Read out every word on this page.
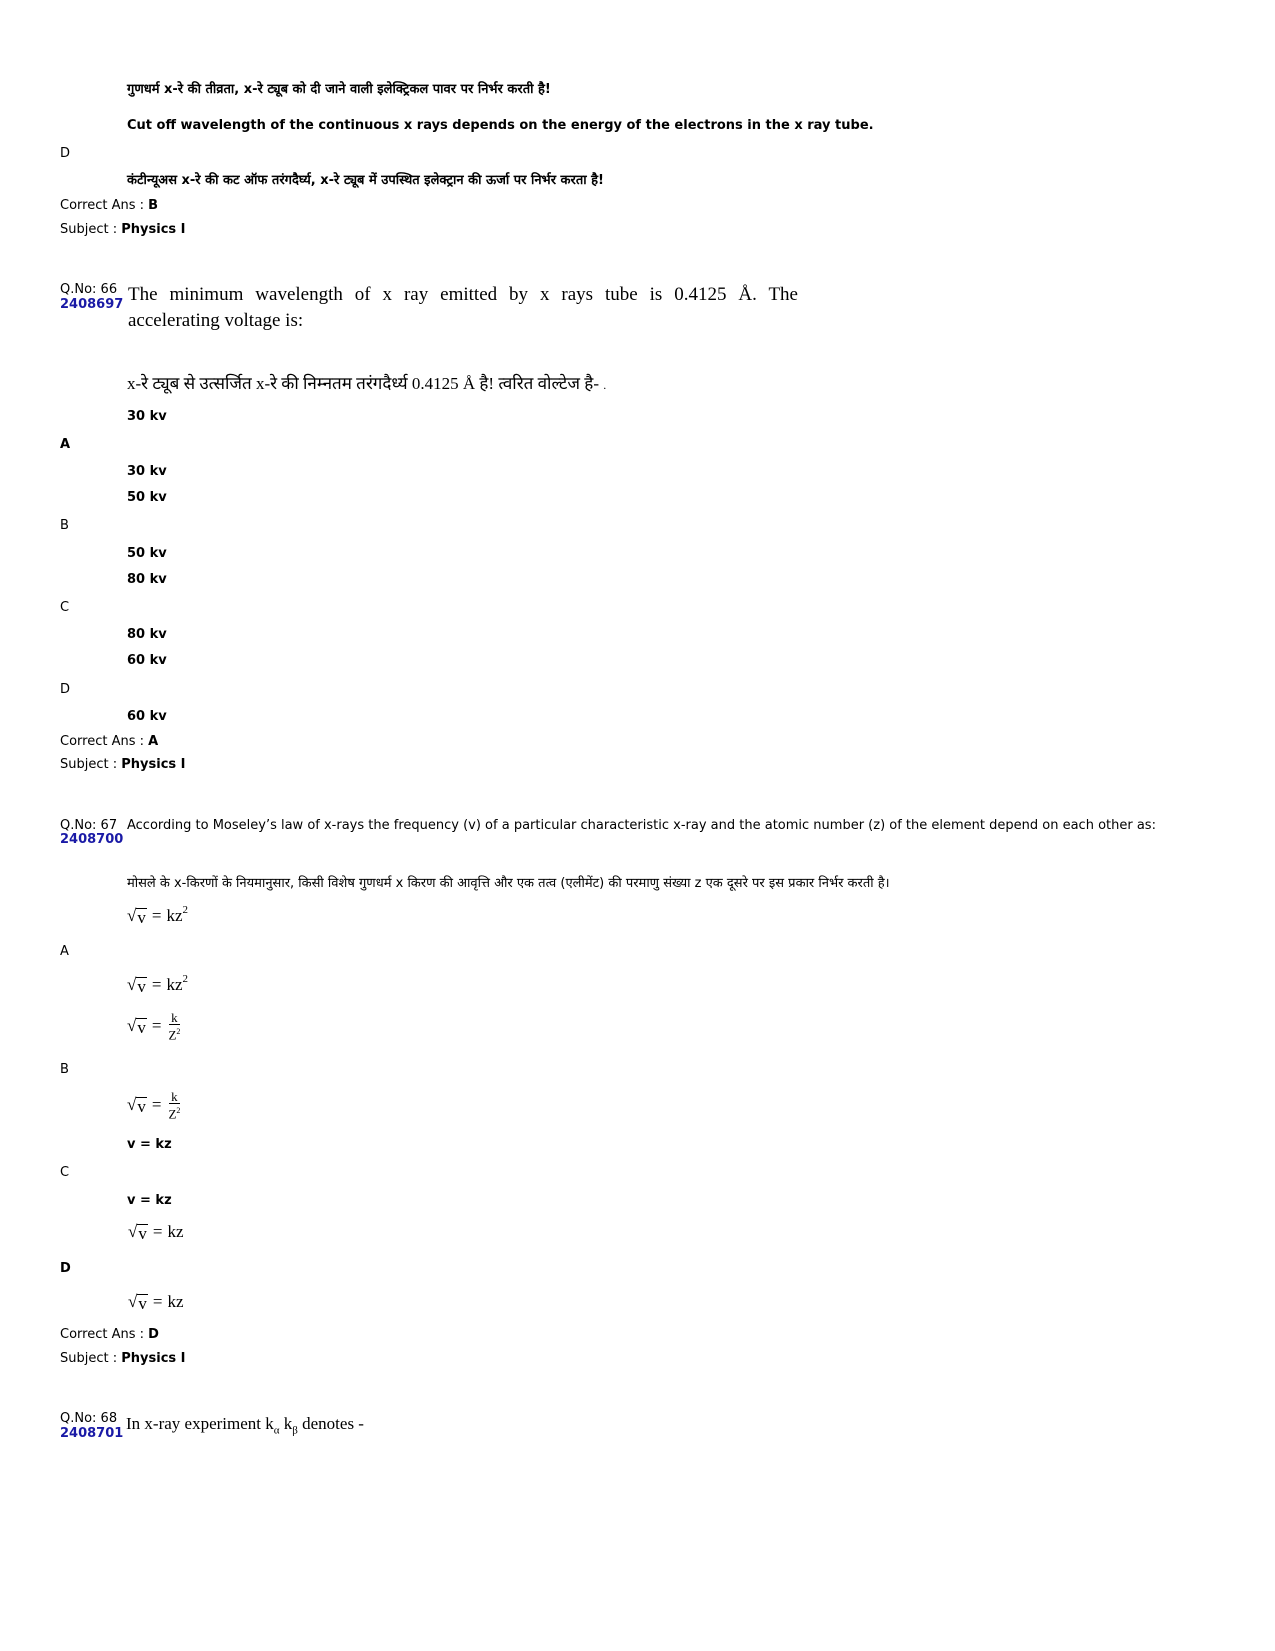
गुणधर्म x-रे की तीव्रता, x-रे ट्यूब को दी जाने वाली इलेक्ट्रिकल पावर पर निर्भर करती है!
Cut off wavelength of the continuous x rays depends on the energy of the electrons in the x ray tube.
D
कंटीन्यूअस x-रे की कट ऑफ तरंगदैर्घ्य, x-रे ट्यूब में उपस्थित इलेक्ट्रान की ऊर्जा पर निर्भर करता है!
Correct Ans : B
Subject : Physics I
Q.No: 66
2408697 The minimum wavelength of x ray emitted by x rays tube is 0.4125 Å. The
accelerating voltage is:
x-रे ट्यूब से उत्सर्जित x-रे की निम्नतम तरंगदैर्ध्य 0.4125 Å है! त्वरित वोल्टेज है- .
30 kv
A
30 kv
50 kv
B
50 kv
80 kv
C
80 kv
60 kv
D
60 kv
Correct Ans : A
Subject : Physics I
Q.No: 67
2408700
According to Moseley’s law of x-rays the frequency (v) of a particular characteristic x-ray and the atomic number (z) of the element depend on each other as:
मोसले के x-किरणों के नियमानुसार, किसी विशेष गुणधर्म x किरण की आवृत्ति और एक तत्व (एलीमेंट) की परमाणु संख्या z एक दूसरे पर इस प्रकार निर्भर करती है।
√ $v = kz^2$
A
√ $v = kz^2$
√ $v = \frac{k}{Z^2}$
B
√ $v = \frac{k}{Z^2}$
v = kz
C
v = kz
√ v = kz
D
√ v = kz
Correct Ans : D
Subject : Physics I
Q.No: 68
2408701
In x-ray experiment $k_\alpha$ $k_\beta$ denotes -
